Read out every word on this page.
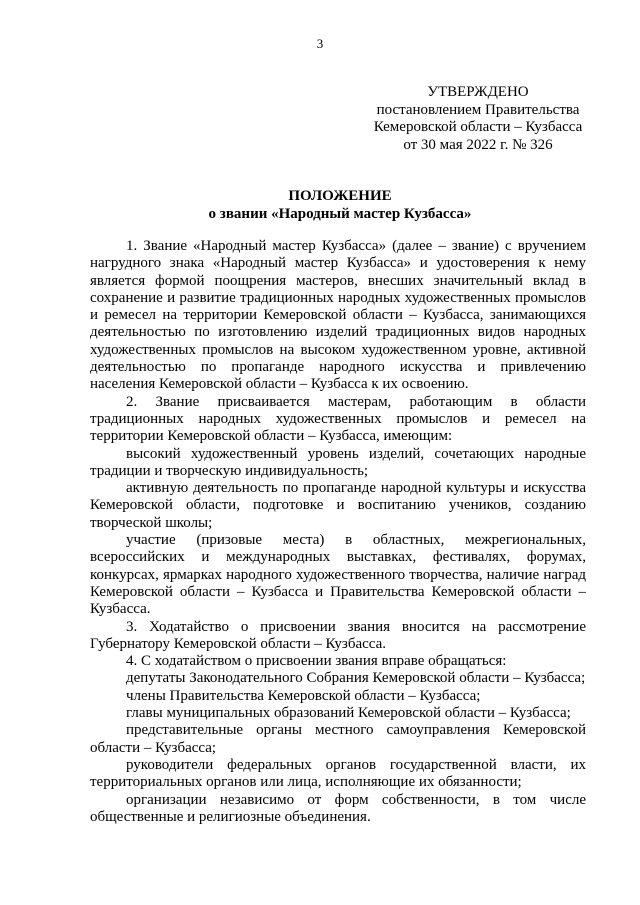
3
УТВЕРЖДЕНО
постановлением Правительства
Кемеровской области – Кузбасса
от 30 мая 2022 г. № 326
ПОЛОЖЕНИЕ
о звании «Народный мастер Кузбасса»

1. Звание «Народный мастер Кузбасса» (далее – звание) с вручением нагрудного знака «Народный мастер Кузбасса» и удостоверения к нему является формой поощрения мастеров, внесших значительный вклад в сохранение и развитие традиционных народных художественных промыслов и ремесел на территории Кемеровской области – Кузбасса, занимающихся деятельностью по изготовлению изделий традиционных видов народных художественных промыслов на высоком художественном уровне, активной деятельностью по пропаганде народного искусства и привлечению населения Кемеровской области – Кузбасса к их освоению.

2. Звание присваивается мастерам, работающим в области традиционных народных художественных промыслов и ремесел на территории Кемеровской области – Кузбасса, имеющим:

высокий художественный уровень изделий, сочетающих народные традиции и творческую индивидуальность;

активную деятельность по пропаганде народной культуры и искусства Кемеровской области, подготовке и воспитанию учеников, созданию творческой школы;

участие (призовые места) в областных, межрегиональных, всероссийских и международных выставках, фестивалях, форумах, конкурсах, ярмарках народного художественного творчества, наличие наград Кемеровской области – Кузбасса и Правительства Кемеровской области – Кузбасса.

3. Ходатайство о присвоении звания вносится на рассмотрение Губернатору Кемеровской области – Кузбасса.

4. С ходатайством о присвоении звания вправе обращаться:

депутаты Законодательного Собрания Кемеровской области – Кузбасса;

члены Правительства Кемеровской области – Кузбасса;

главы муниципальных образований Кемеровской области – Кузбасса;

представительные органы местного самоуправления Кемеровской области – Кузбасса;

руководители федеральных органов государственной власти, их территориальных органов или лица, исполняющие их обязанности;

организации независимо от форм собственности, в том числе общественные и религиозные объединения.
